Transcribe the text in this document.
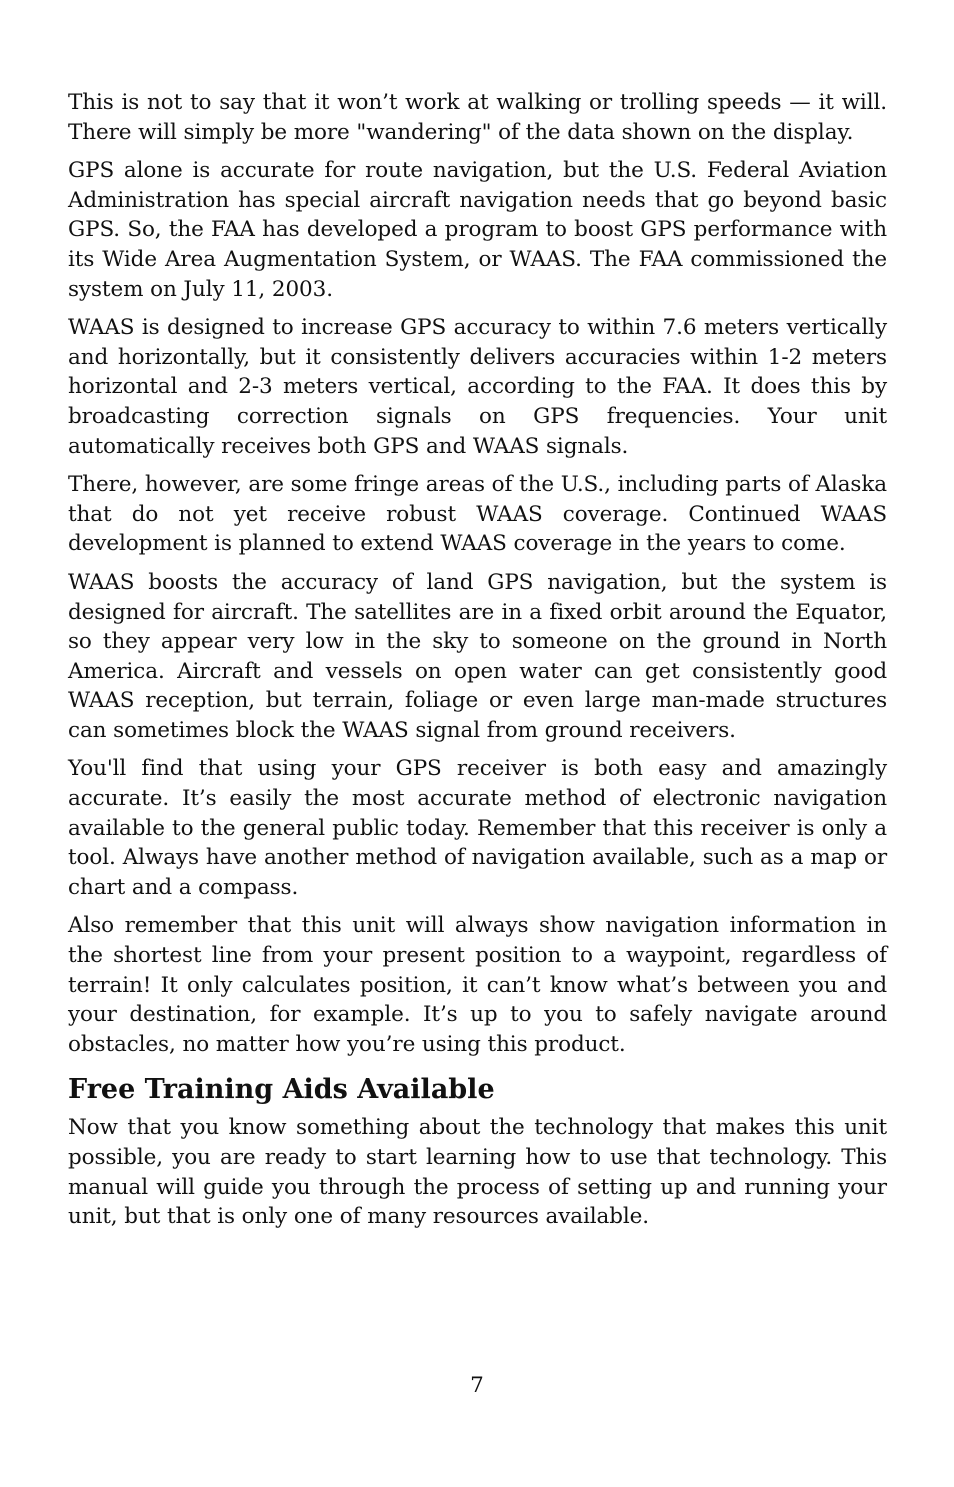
This is not to say that it won’t work at walking or trolling speeds — it will. There will simply be more "wandering" of the data shown on the display.

GPS alone is accurate for route navigation, but the U.S. Federal Aviation Administration has special aircraft navigation needs that go beyond basic GPS. So, the FAA has developed a program to boost GPS performance with its Wide Area Augmentation System, or WAAS. The FAA commissioned the system on July 11, 2003.

WAAS is designed to increase GPS accuracy to within 7.6 meters vertically and horizontally, but it consistently delivers accuracies within 1-2 meters horizontal and 2-3 meters vertical, according to the FAA. It does this by broadcasting correction signals on GPS frequencies. Your unit automatically receives both GPS and WAAS signals.

There, however, are some fringe areas of the U.S., including parts of Alaska that do not yet receive robust WAAS coverage. Continued WAAS development is planned to extend WAAS coverage in the years to come.

WAAS boosts the accuracy of land GPS navigation, but the system is designed for aircraft. The satellites are in a fixed orbit around the Equator, so they appear very low in the sky to someone on the ground in North America. Aircraft and vessels on open water can get consistently good WAAS reception, but terrain, foliage or even large man-made structures can sometimes block the WAAS signal from ground receivers.

You'll find that using your GPS receiver is both easy and amazingly accurate. It’s easily the most accurate method of electronic navigation available to the general public today. Remember that this receiver is only a tool. Always have another method of navigation available, such as a map or chart and a compass.

Also remember that this unit will always show navigation information in the shortest line from your present position to a waypoint, regardless of terrain! It only calculates position, it can’t know what’s between you and your destination, for example. It’s up to you to safely navigate around obstacles, no matter how you’re using this product.

Free Training Aids Available

Now that you know something about the technology that makes this unit possible, you are ready to start learning how to use that technology. This manual will guide you through the process of setting up and running your unit, but that is only one of many resources available.

7
